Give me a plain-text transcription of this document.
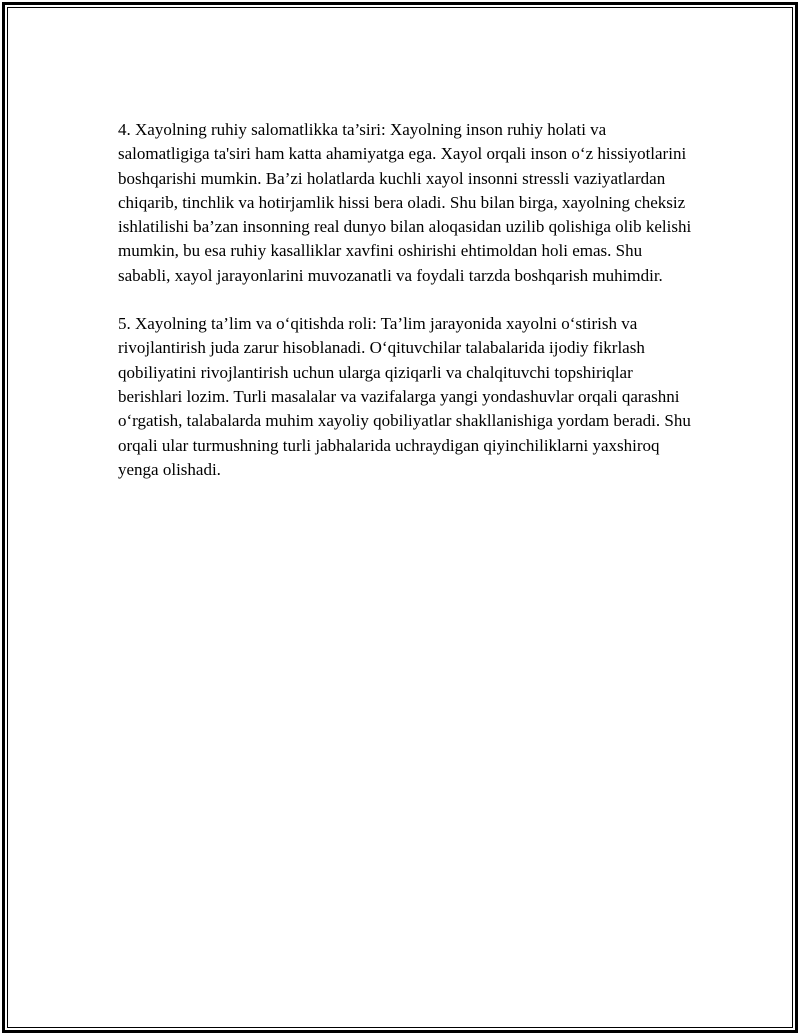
4. Xayolning ruhiy salomatlikka ta’siri: Xayolning inson ruhiy holati va salomatligiga ta'siri ham katta ahamiyatga ega. Xayol orqali inson o‘z hissiyotlarini boshqarishi mumkin. Ba’zi holatlarda kuchli xayol insonni stressli vaziyatlardan chiqarib, tinchlik va hotirjamlik hissi bera oladi. Shu bilan birga, xayolning cheksiz ishlatilishi ba’zan insonning real dunyo bilan aloqasidan uzilib qolishiga olib kelishi mumkin, bu esa ruhiy kasalliklar xavfini oshirishi ehtimoldan holi emas. Shu sababli, xayol jarayonlarini muvozanatli va foydali tarzda boshqarish muhimdir.

5. Xayolning ta’lim va o‘qitishda roli: Ta’lim jarayonida xayolni o‘stirish va rivojlantirish juda zarur hisoblanadi. O‘qituvchilar talabalarida ijodiy fikrlash qobiliyatini rivojlantirish uchun ularga qiziqarli va chalqituvchi topshiriqlar berishlari lozim. Turli masalalar va vazifalarga yangi yondashuvlar orqali qarashni o‘rgatish, talabalarda muhim xayoliy qobiliyatlar shakllanishiga yordam beradi. Shu orqali ular turmushning turli jabhalarida uchraydigan qiyinchiliklarni yaxshiroq yenga olishadi.
